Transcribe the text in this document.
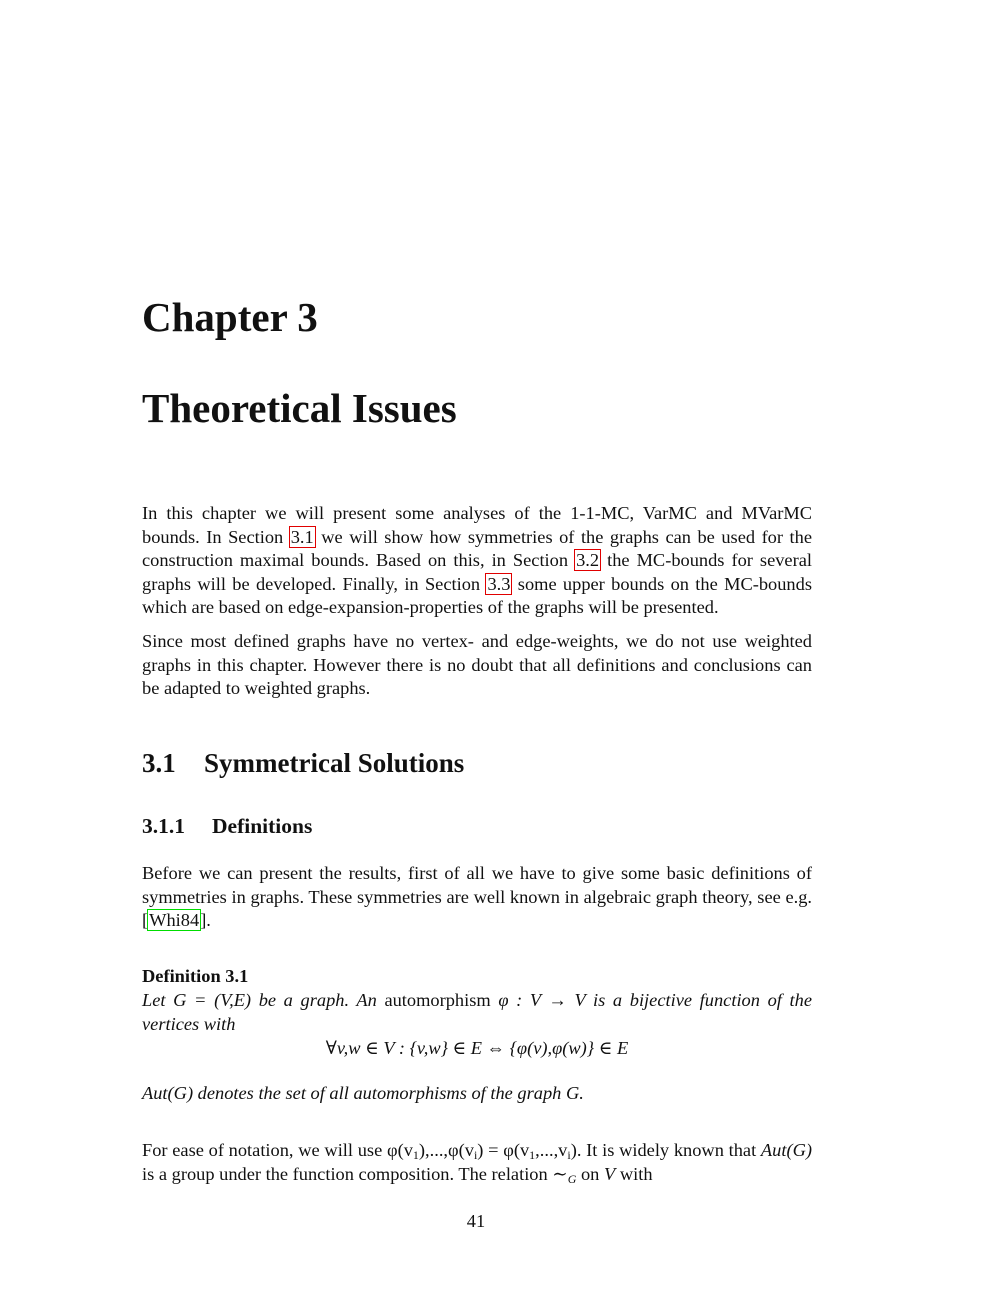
Chapter 3
Theoretical Issues

In this chapter we will present some analyses of the 1-1-MC, VarMC and MVarMC bounds. In Section 3.1 we will show how symmetries of the graphs can be used for the construction maximal bounds. Based on this, in Section 3.2 the MC-bounds for several graphs will be developed. Finally, in Section 3.3 some upper bounds on the MC-bounds which are based on edge-expansion-properties of the graphs will be presented.

Since most defined graphs have no vertex- and edge-weights, we do not use weighted graphs in this chapter. However there is no doubt that all definitions and conclusions can be adapted to weighted graphs.

3.1 Symmetrical Solutions
3.1.1 Definitions

Before we can present the results, first of all we have to give some basic definitions of symmetries in graphs. These symmetries are well known in algebraic graph theory, see e.g. [Whi84].

Definition 3.1

Let G = (V,E) be a graph. An automorphism φ : V → V is a bijective function of the vertices with

∀v,w ∈ V : {v,w} ∈ E ⇔ {φ(v),φ(w)} ∈ E

Aut(G) denotes the set of all automorphisms of the graph G.

For ease of notation, we will use $\varphi(v_1),...,\varphi(v_i) = \varphi(v_1,...,v_i)$. It is widely known that Aut(G) is a group under the function composition. The relation $\sim_G$ on V with

41
